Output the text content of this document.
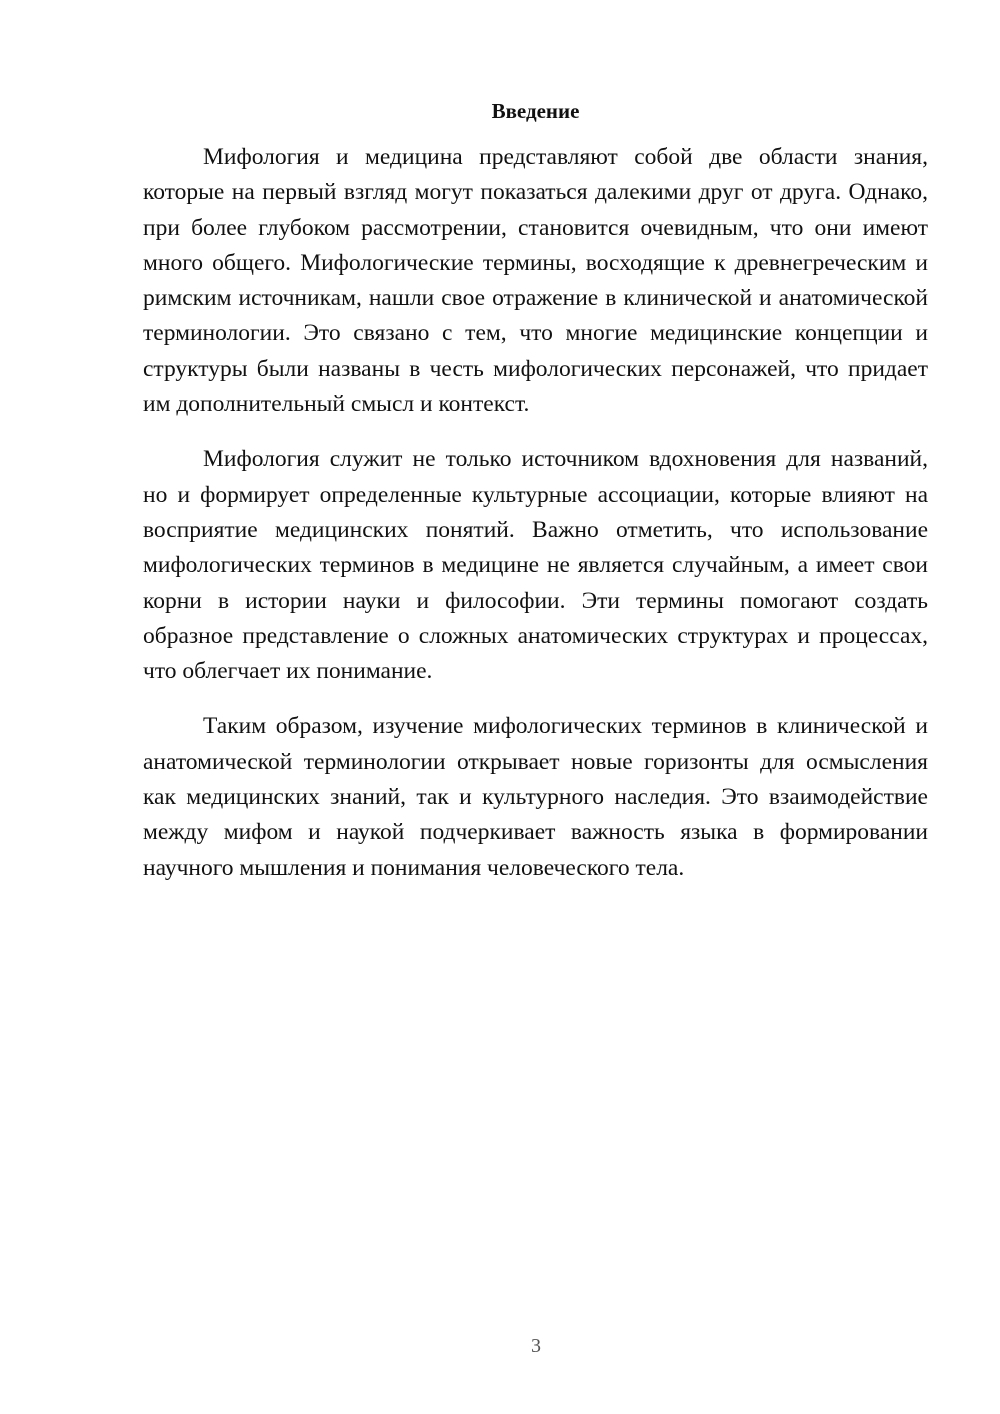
Введение

Мифология и медицина представляют собой две области знания, которые на первый взгляд могут показаться далекими друг от друга. Однако, при более глубоком рассмотрении, становится очевидным, что они имеют много общего. Мифологические термины, восходящие к древнегреческим и римским источникам, нашли свое отражение в клинической и анатомической терминологии. Это связано с тем, что многие медицинские концепции и структуры были названы в честь мифологических персонажей, что придает им дополнительный смысл и контекст.

Мифология служит не только источником вдохновения для названий, но и формирует определенные культурные ассоциации, которые влияют на восприятие медицинских понятий. Важно отметить, что использование мифологических терминов в медицине не является случайным, а имеет свои корни в истории науки и философии. Эти термины помогают создать образное представление о сложных анатомических структурах и процессах, что облегчает их понимание.

Таким образом, изучение мифологических терминов в клинической и анатомической терминологии открывает новые горизонты для осмысления как медицинских знаний, так и культурного наследия. Это взаимодействие между мифом и наукой подчеркивает важность языка в формировании научного мышления и понимания человеческого тела.

3
